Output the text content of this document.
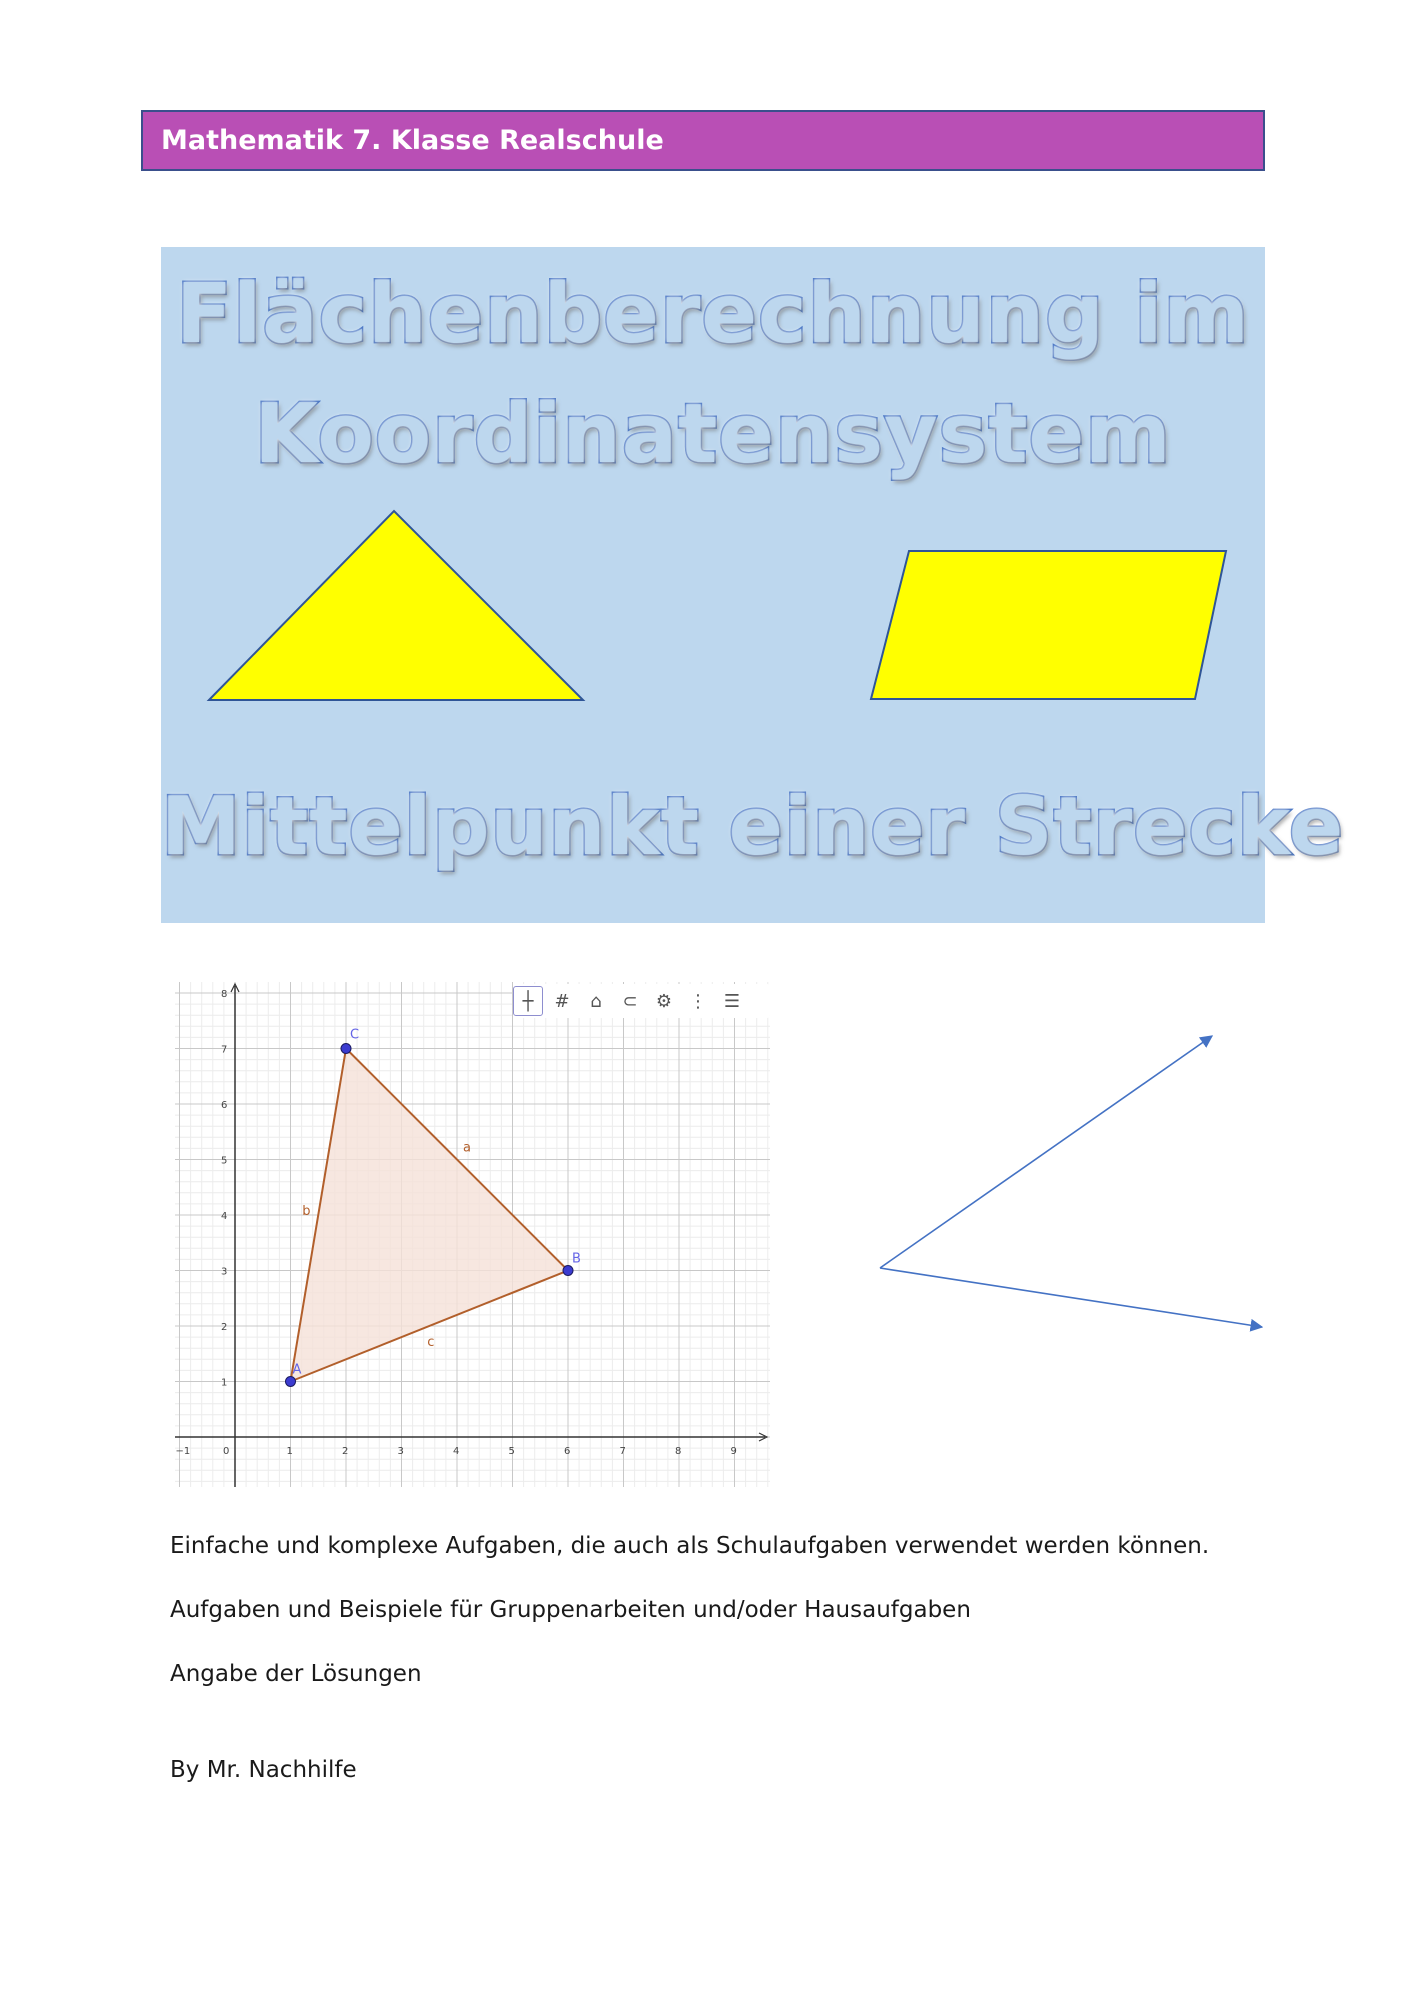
Mathematik 7. Klasse Realschule
Flächenberechnung im
Koordinatensystem
Mittelpunkt einer Strecke
−1	0	1	2	3	4	5	6	7	8	9
1
2
3
4
5
6
7
8
a
b
c
A
B
C
┼	#	⌂	⊂	⚙ ⋮ ☰
Einfache und komplexe Aufgaben, die auch als Schulaufgaben verwendet werden können.
Aufgaben und Beispiele für Gruppenarbeiten und/oder Hausaufgaben
Angabe der Lösungen
By Mr. Nachhilfe
